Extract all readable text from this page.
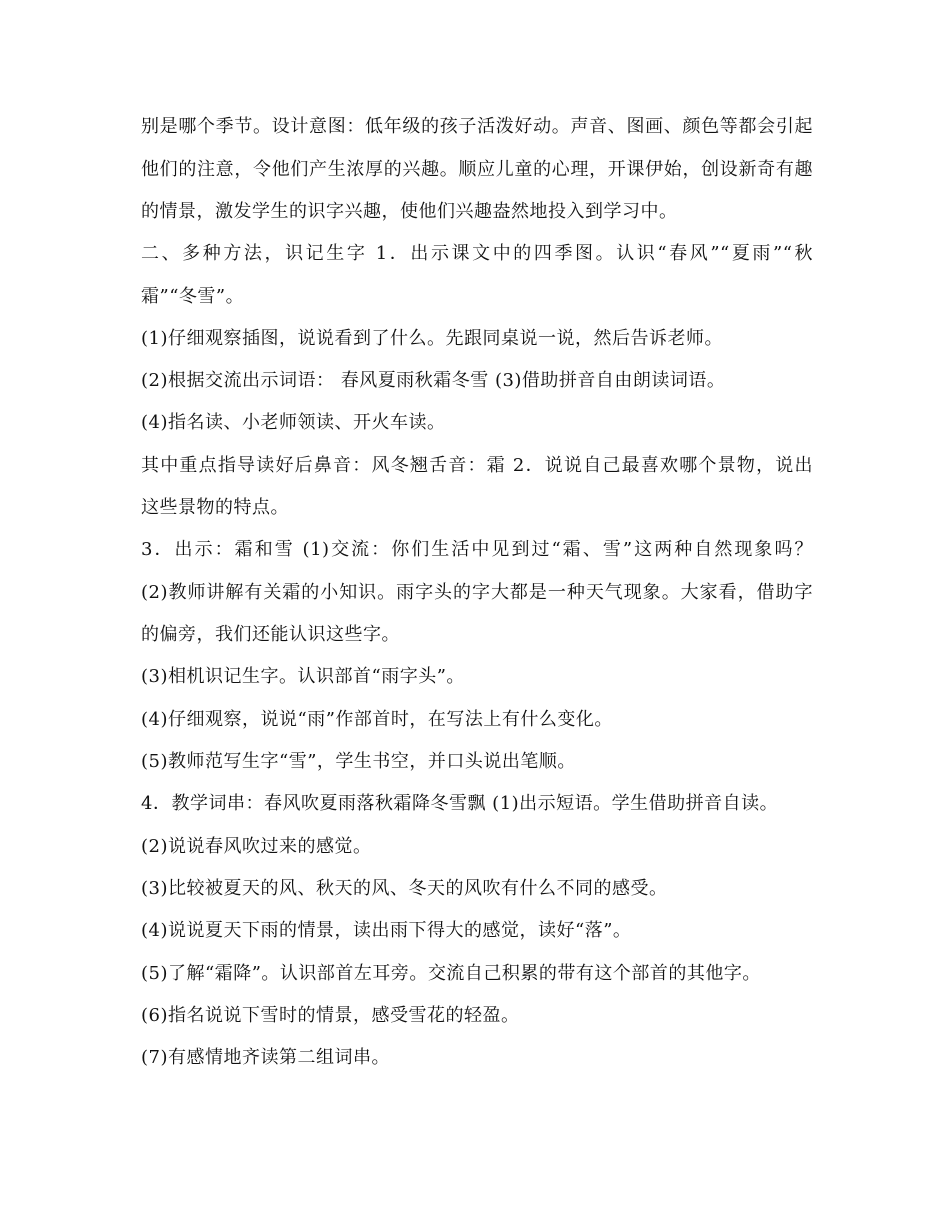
别是哪个季节。设计意图：低年级的孩子活泼好动。声音、图画、颜色等都会引起
他们的注意，令他们产生浓厚的兴趣。顺应儿童的心理，开课伊始，创设新奇有趣
的情景，激发学生的识字兴趣，使他们兴趣盎然地投入到学习中。
二、多种方法，识记生字 1．出示课文中的四季图。认识“春风”“夏雨”“秋
霜”“冬雪”。
(1)仔细观察插图，说说看到了什么。先跟同桌说一说，然后告诉老师。
(2)根据交流出示词语： 春风夏雨秋霜冬雪 (3)借助拼音自由朗读词语。
(4)指名读、小老师领读、开火车读。
其中重点指导读好后鼻音：风冬翘舌音：霜 2．说说自己最喜欢哪个景物，说出
这些景物的特点。
3．出示：霜和雪 (1)交流：你们生活中见到过“霜、雪”这两种自然现象吗？
(2)教师讲解有关霜的小知识。雨字头的字大都是一种天气现象。大家看，借助字
的偏旁，我们还能认识这些字。
(3)相机识记生字。认识部首“雨字头”。
(4)仔细观察，说说“雨”作部首时，在写法上有什么变化。
(5)教师范写生字“雪”，学生书空，并口头说出笔顺。
4．教学词串：春风吹夏雨落秋霜降冬雪飘 (1)出示短语。学生借助拼音自读。
(2)说说春风吹过来的感觉。
(3)比较被夏天的风、秋天的风、冬天的风吹有什么不同的感受。
(4)说说夏天下雨的情景，读出雨下得大的感觉，读好“落”。
(5)了解“霜降”。认识部首左耳旁。交流自己积累的带有这个部首的其他字。
(6)指名说说下雪时的情景，感受雪花的轻盈。
(7)有感情地齐读第二组词串。
